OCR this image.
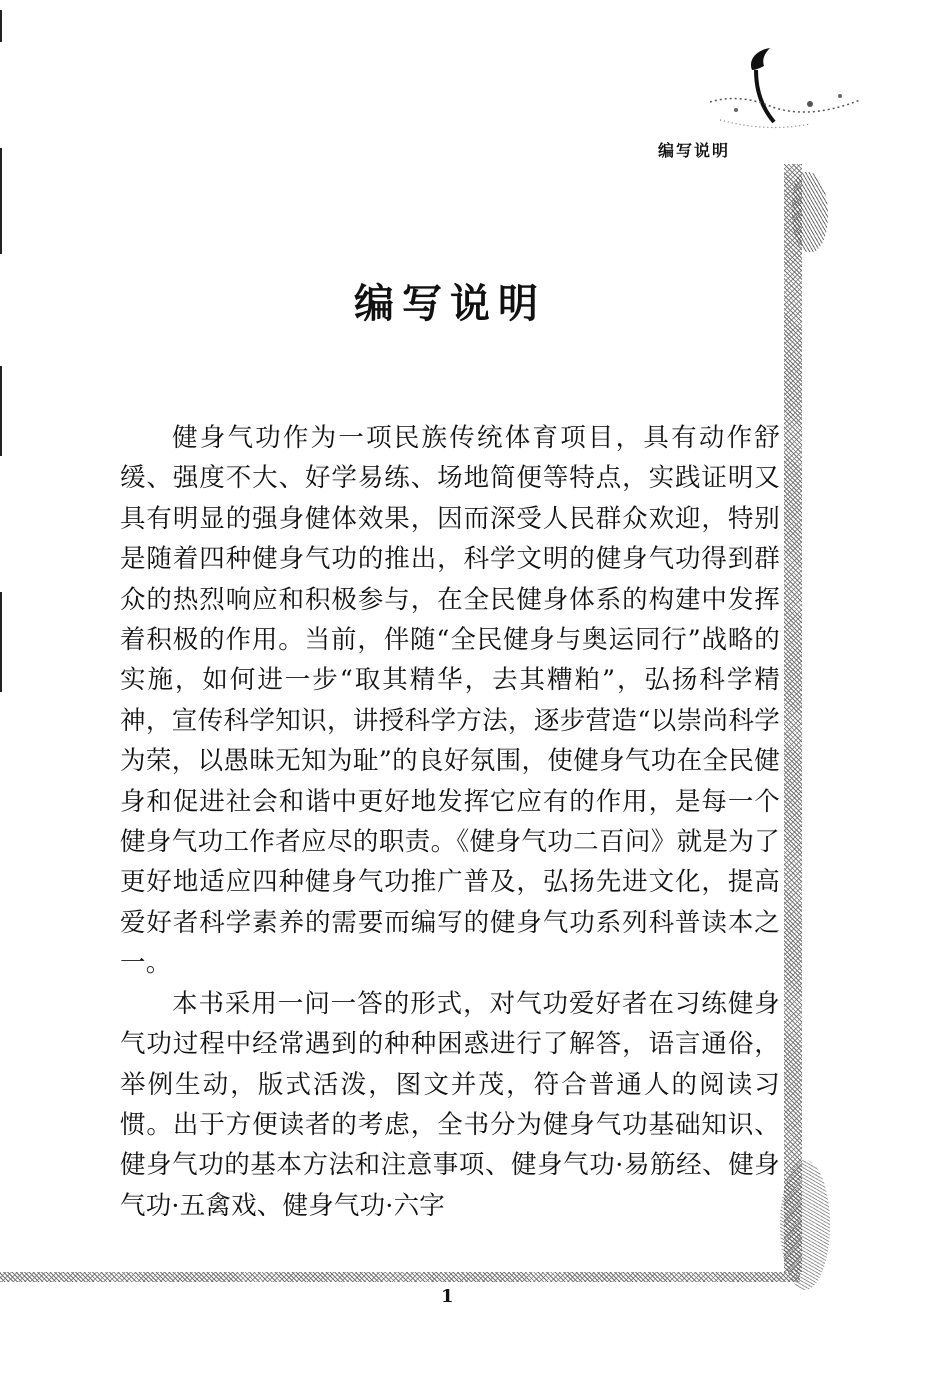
编写说明
编写说明

健身气功作为一项民族传统体育项目，具有动作舒缓、强度不大、好学易练、场地简便等特点，实践证明又具有明显的强身健体效果，因而深受人民群众欢迎，特别是随着四种健身气功的推出，科学文明的健身气功得到群众的热烈响应和积极参与，在全民健身体系的构建中发挥着积极的作用。当前，伴随“全民健身与奥运同行”战略的实施，如何进一步“取其精华，去其糟粕”，弘扬科学精神，宣传科学知识，讲授科学方法，逐步营造“以崇尚科学为荣，以愚昧无知为耻”的良好氛围，使健身气功在全民健身和促进社会和谐中更好地发挥它应有的作用，是每一个健身气功工作者应尽的职责。《健身气功二百问》就是为了更好地适应四种健身气功推广普及，弘扬先进文化，提高爱好者科学素养的需要而编写的健身气功系列科普读本之一。

本书采用一问一答的形式，对气功爱好者在习练健身气功过程中经常遇到的种种困惑进行了解答，语言通俗，举例生动，版式活泼，图文并茂，符合普通人的阅读习惯。出于方便读者的考虑，全书分为健身气功基础知识、健身气功的基本方法和注意事项、健身气功·易筋经、健身气功·五禽戏、健身气功·六字

1
